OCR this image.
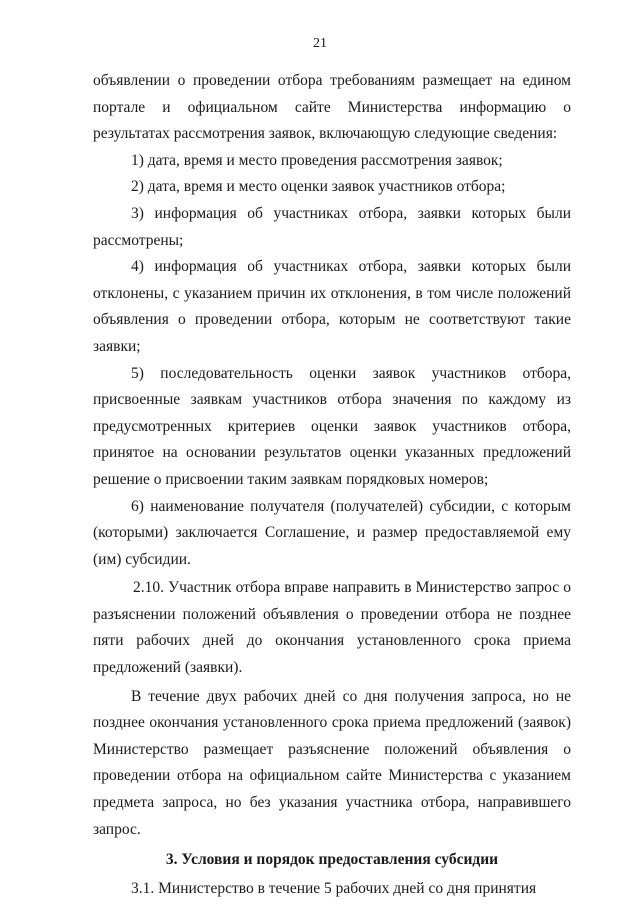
21

объявлении о проведении отбора требованиям размещает на едином портале и официальном сайте Министерства информацию о результатах рассмотрения заявок, включающую следующие сведения:

1) дата, время и место проведения рассмотрения заявок;

2) дата, время и место оценки заявок участников отбора;

3) информация об участниках отбора, заявки которых были рассмотрены;

4) информация об участниках отбора, заявки которых были отклонены, с указанием причин их отклонения, в том числе положений объявления о проведении отбора, которым не соответствуют такие заявки;

5) последовательность оценки заявок участников отбора, присвоенные заявкам участников отбора значения по каждому из предусмотренных критериев оценки заявок участников отбора, принятое на основании результатов оценки указанных предложений решение о присвоении таким заявкам порядковых номеров;

6) наименование получателя (получателей) субсидии, с которым (которыми) заключается Соглашение, и размер предоставляемой ему (им) субсидии.

2.10. Участник отбора вправе направить в Министерство запрос о разъяснении положений объявления о проведении отбора не позднее пяти рабочих дней до окончания установленного срока приема предложений (заявки).

В течение двух рабочих дней со дня получения запроса, но не позднее окончания установленного срока приема предложений (заявок) Министерство размещает разъяснение положений объявления о проведении отбора на официальном сайте Министерства с указанием предмета запроса, но без указания участника отбора, направившего запрос.

3. Условия и порядок предоставления субсидии

3.1. Министерство в течение 5 рабочих дней со дня принятия
